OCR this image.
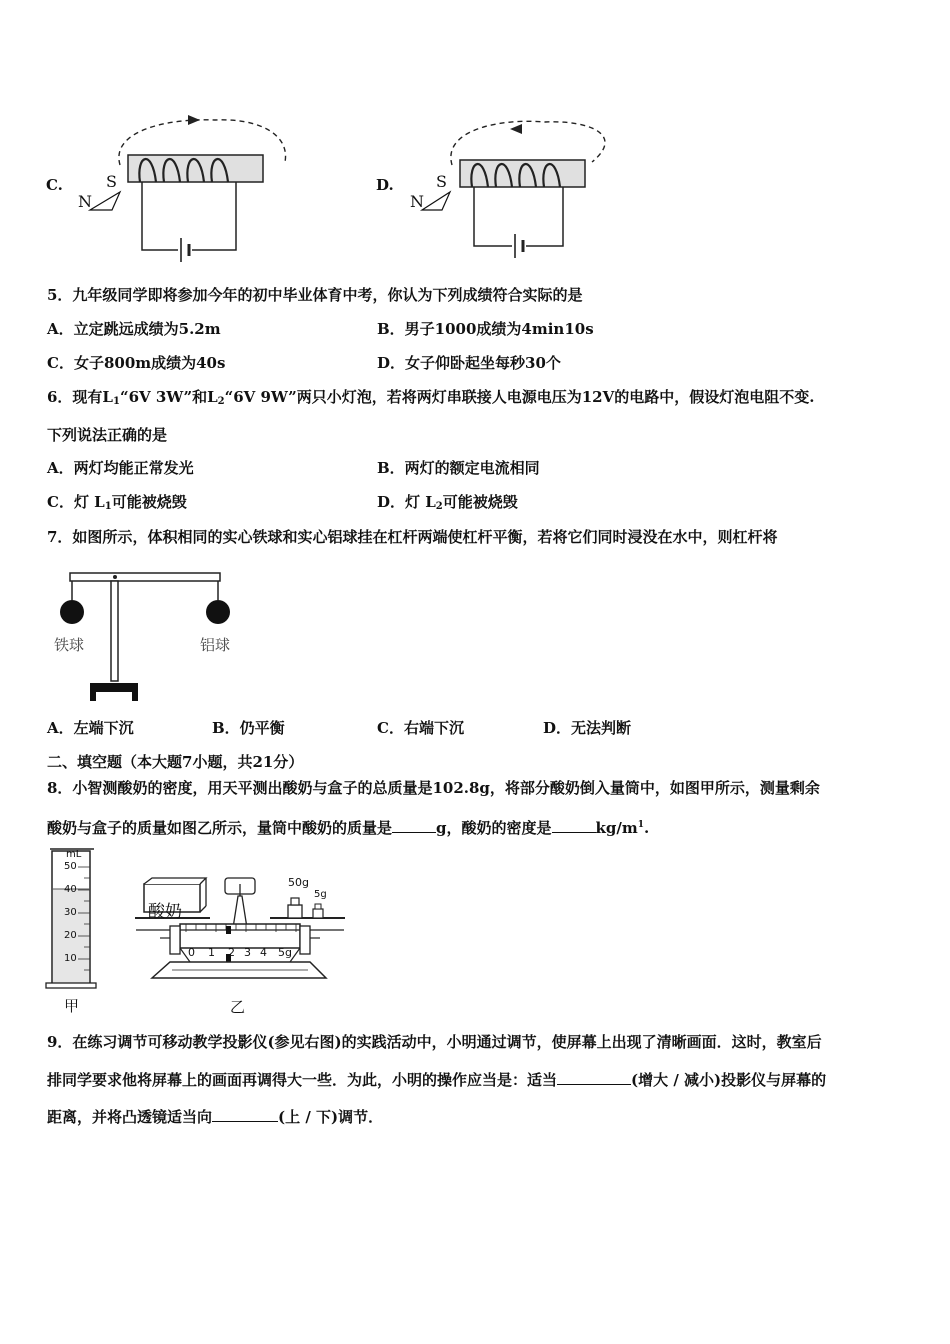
C.	S
N
D.	S
N
5．九年级同学即将参加今年的初中毕业体育中考，你认为下列成绩符合实际的是
A．立定跳远成绩为5.2m	B．男子1000成绩为4min10s
C．女子800m成绩为40s	D．女子仰卧起坐每秒30个
6．现有$L_1“6V$ 3W”和$L_2“6V$ 9W”两只小灯泡，若将两灯串联接人电源电压为12V的电路中，假设灯泡电阻不变.
下列说法正确的是
A．两灯均能正常发光	B．两灯的额定电流相同
C．灯 $L_1$可能被烧毁	D．灯 $L_2$可能被烧毁
7．如图所示，体积相同的实心铁球和实心铝球挂在杠杆两端使杠杆平衡，若将它们同时浸没在水中，则杠杆将
铁球	铝球
A．左端下沉	B．仍平衡	C．右端下沉	D．无法判断
二、填空题（本大题7小题，共21分）
8．小智测酸奶的密度，用天平测出酸奶与盒子的总质量是102.8g，将部分酸奶倒入量筒中，如图甲所示，测量剩余
酸奶与盒子的质量如图乙所示，量筒中酸奶的质量是	g，酸奶的密度是	$kg/m^1$.
mL
50
40
30
20
10
甲
酸奶
50g
5g
0 1 2 3 4 5g
乙
9．在练习调节可移动教学投影仪(参见右图)的实践活动中，小明通过调节，使屏幕上出现了清晰画面．这时，教室后
排同学要求他将屏幕上的画面再调得大一些．为此，小明的操作应当是：适当	(增大 / 减小)投影仪与屏幕的
距离，并将凸透镜适当向	(上 / 下)调节．
